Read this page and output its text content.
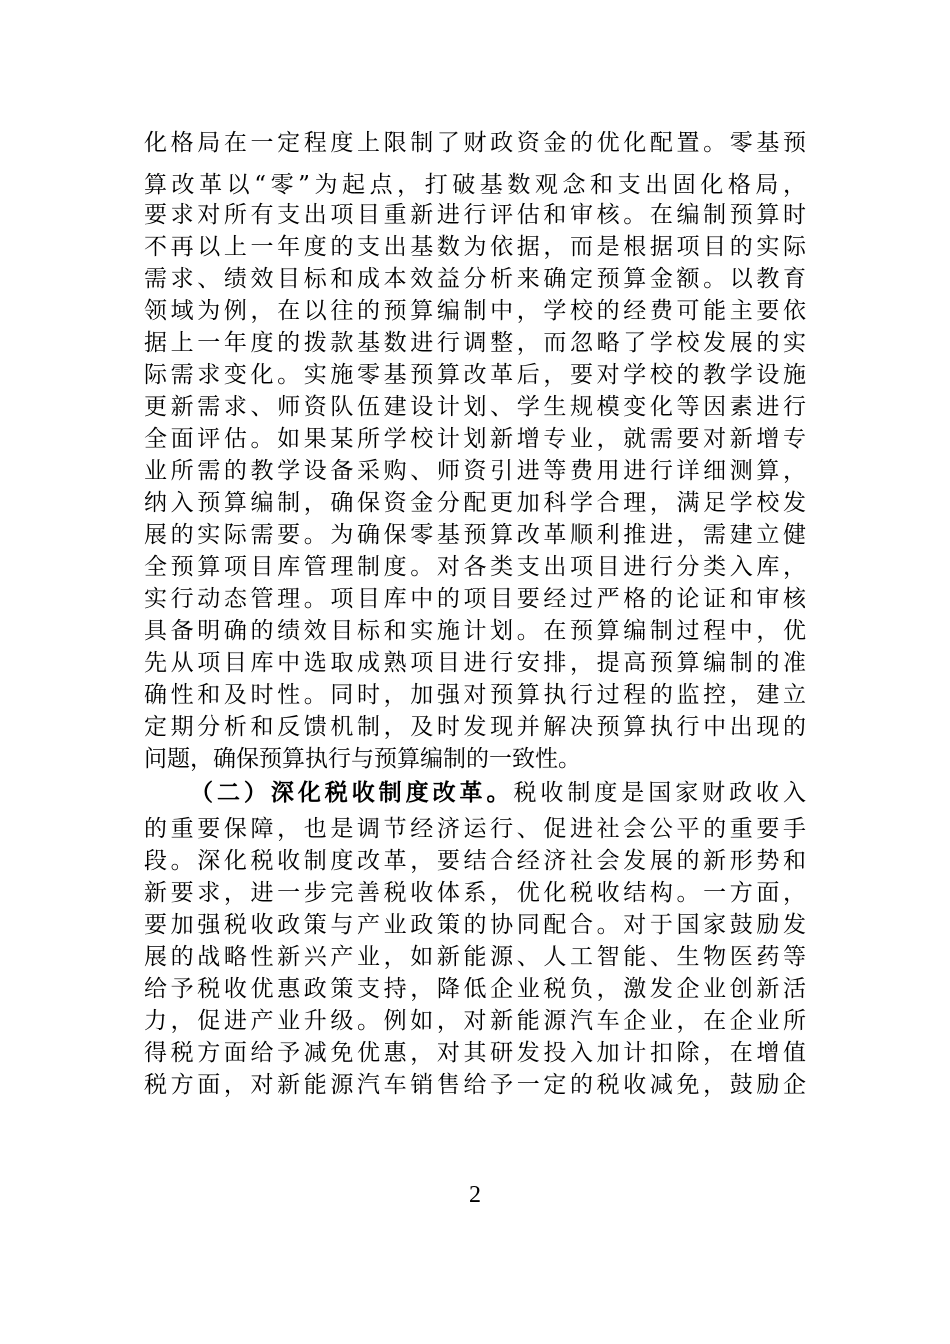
化格局在一定程度上限制了财政资金的优化配置。零基预
算改革以“零”为起点，打破基数观念和支出固化格局，
要求对所有支出项目重新进行评估和审核。在编制预算时
不再以上一年度的支出基数为依据，而是根据项目的实际
需求、绩效目标和成本效益分析来确定预算金额。以教育
领域为例，在以往的预算编制中，学校的经费可能主要依
据上一年度的拨款基数进行调整，而忽略了学校发展的实
际需求变化。实施零基预算改革后，要对学校的教学设施
更新需求、师资队伍建设计划、学生规模变化等因素进行
全面评估。如果某所学校计划新增专业，就需要对新增专
业所需的教学设备采购、师资引进等费用进行详细测算，
纳入预算编制，确保资金分配更加科学合理，满足学校发
展的实际需要。为确保零基预算改革顺利推进，需建立健
全预算项目库管理制度。对各类支出项目进行分类入库，
实行动态管理。项目库中的项目要经过严格的论证和审核
具备明确的绩效目标和实施计划。在预算编制过程中，优
先从项目库中选取成熟项目进行安排，提高预算编制的准
确性和及时性。同时，加强对预算执行过程的监控，建立
定期分析和反馈机制，及时发现并解决预算执行中出现的
问题，确保预算执行与预算编制的一致性。
（二）深化税收制度改革。税收制度是国家财政收入
的重要保障，也是调节经济运行、促进社会公平的重要手
段。深化税收制度改革，要结合经济社会发展的新形势和
新要求，进一步完善税收体系，优化税收结构。一方面，
要加强税收政策与产业政策的协同配合。对于国家鼓励发
展的战略性新兴产业，如新能源、人工智能、生物医药等
给予税收优惠政策支持，降低企业税负，激发企业创新活
力，促进产业升级。例如，对新能源汽车企业，在企业所
得税方面给予减免优惠，对其研发投入加计扣除，在增值
税方面，对新能源汽车销售给予一定的税收减免，鼓励企
2
